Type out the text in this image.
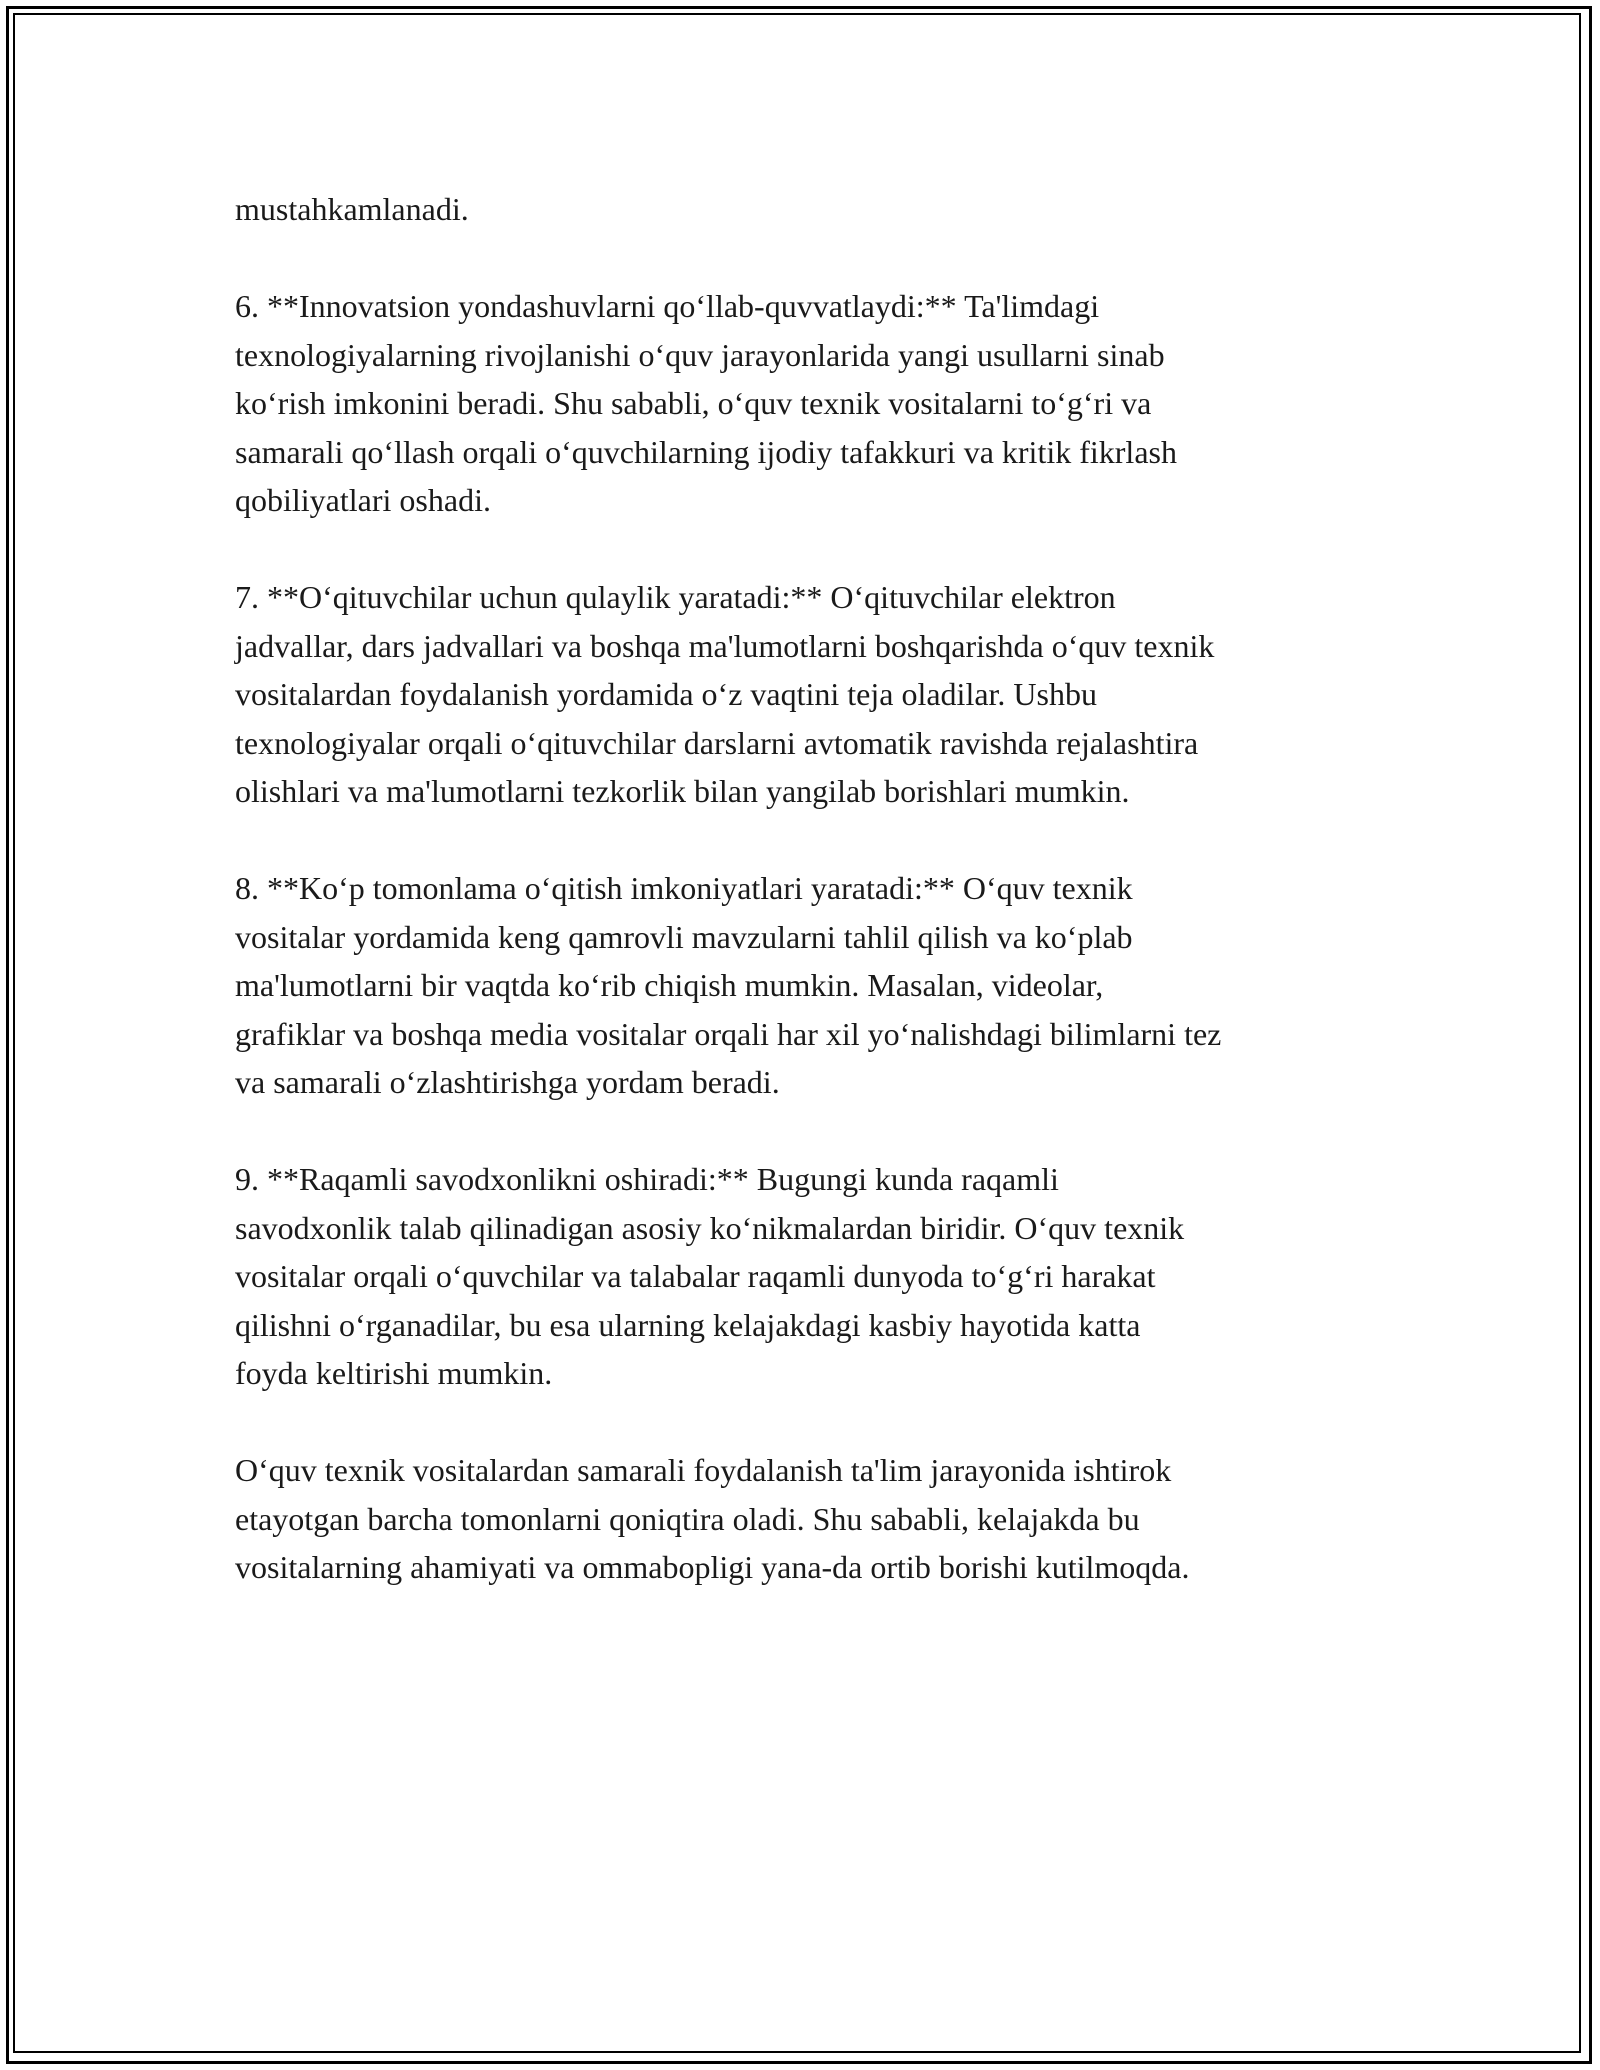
mustahkamlanadi.

6. **Innovatsion yondashuvlarni qo‘llab-quvvatlaydi:** Ta'limdagi
texnologiyalarning rivojlanishi o‘quv jarayonlarida yangi usullarni sinab
ko‘rish imkonini beradi. Shu sababli, o‘quv texnik vositalarni to‘g‘ri va
samarali qo‘llash orqali o‘quvchilarning ijodiy tafakkuri va kritik fikrlash
qobiliyatlari oshadi.

7. **O‘qituvchilar uchun qulaylik yaratadi:** O‘qituvchilar elektron
jadvallar, dars jadvallari va boshqa ma'lumotlarni boshqarishda o‘quv texnik
vositalardan foydalanish yordamida o‘z vaqtini teja oladilar. Ushbu
texnologiyalar orqali o‘qituvchilar darslarni avtomatik ravishda rejalashtira
olishlari va ma'lumotlarni tezkorlik bilan yangilab borishlari mumkin.

8. **Ko‘p tomonlama o‘qitish imkoniyatlari yaratadi:** O‘quv texnik
vositalar yordamida keng qamrovli mavzularni tahlil qilish va ko‘plab
ma'lumotlarni bir vaqtda ko‘rib chiqish mumkin. Masalan, videolar,
grafiklar va boshqa media vositalar orqali har xil yo‘nalishdagi bilimlarni tez
va samarali o‘zlashtirishga yordam beradi.

9. **Raqamli savodxonlikni oshiradi:** Bugungi kunda raqamli
savodxonlik talab qilinadigan asosiy ko‘nikmalardan biridir. O‘quv texnik
vositalar orqali o‘quvchilar va talabalar raqamli dunyoda to‘g‘ri harakat
qilishni o‘rganadilar, bu esa ularning kelajakdagi kasbiy hayotida katta
foyda keltirishi mumkin.

O‘quv texnik vositalardan samarali foydalanish ta'lim jarayonida ishtirok
etayotgan barcha tomonlarni qoniqtira oladi. Shu sababli, kelajakda bu
vositalarning ahamiyati va ommabopligi yana-da ortib borishi kutilmoqda.
